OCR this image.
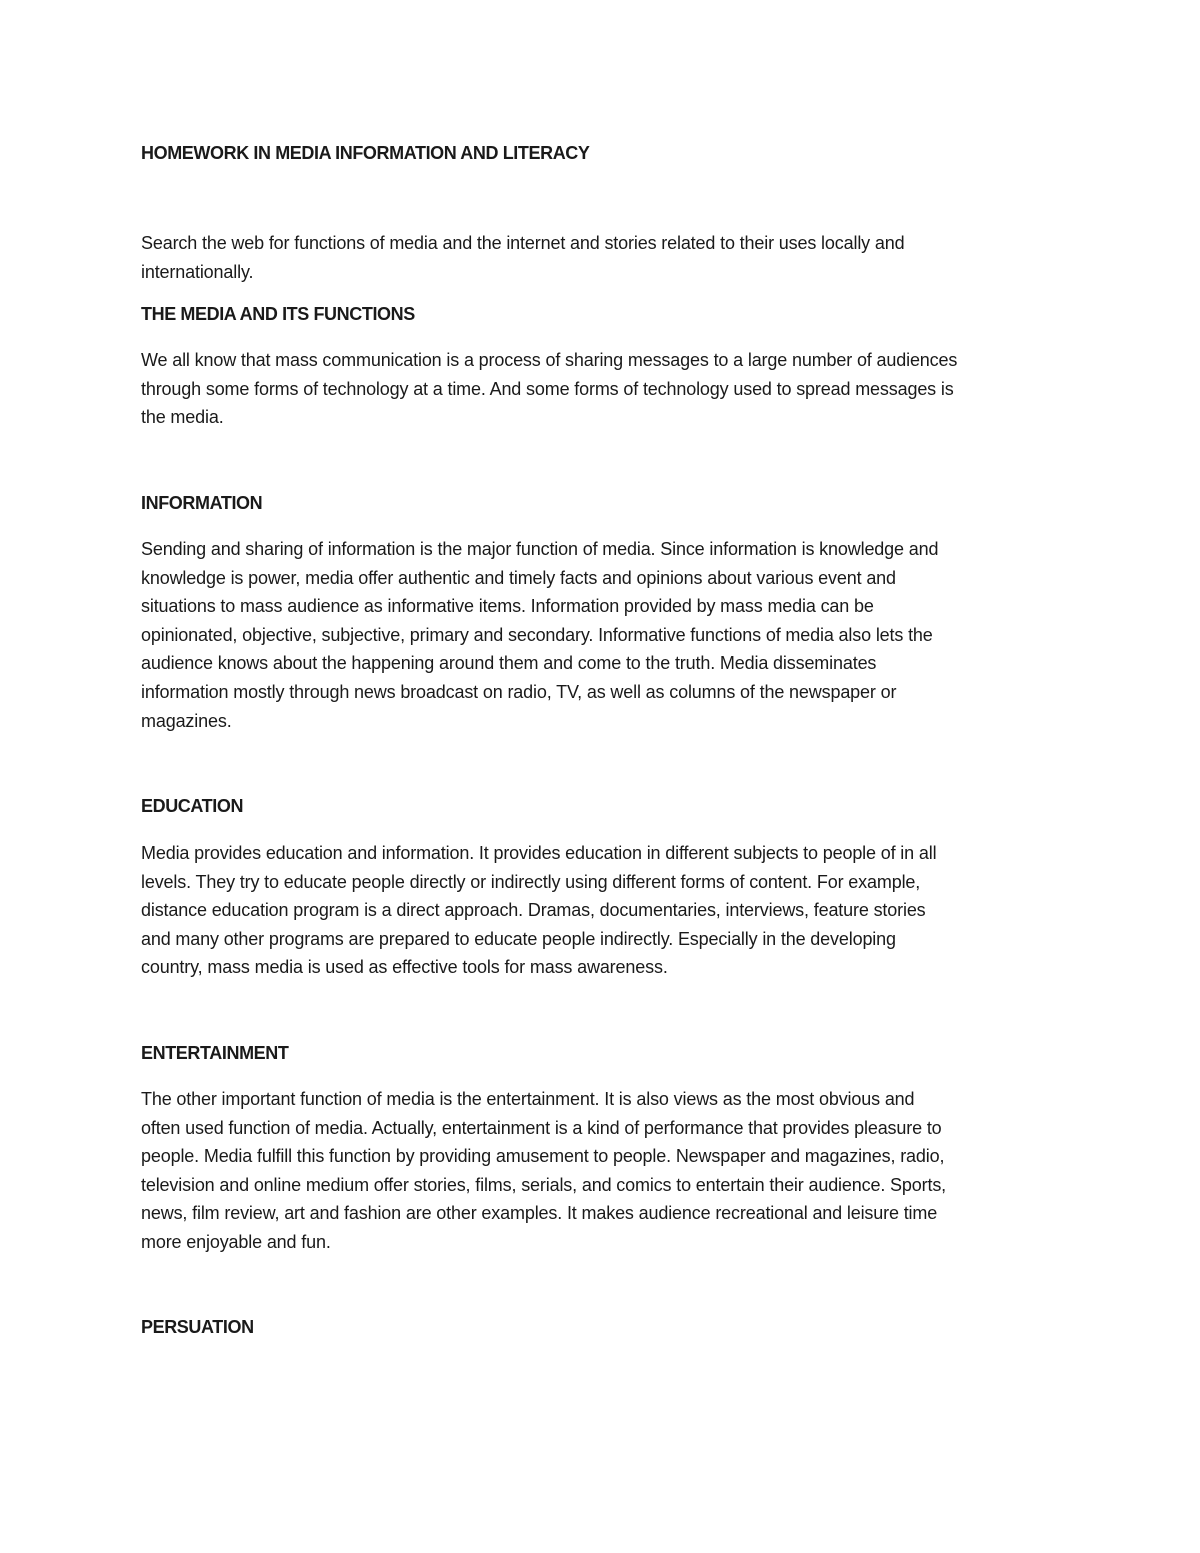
HOMEWORK IN MEDIA INFORMATION AND LITERACY

Search the web for functions of media and the internet and stories related to their uses locally and
internationally.

THE MEDIA AND ITS FUNCTIONS

We all know that mass communication is a process of sharing messages to a large number of audiences
through some forms of technology at a time. And some forms of technology used to spread messages is
the media.

INFORMATION

Sending and sharing of information is the major function of media. Since information is knowledge and
knowledge is power, media offer authentic and timely facts and opinions about various event and
situations to mass audience as informative items. Information provided by mass media can be
opinionated, objective, subjective, primary and secondary. Informative functions of media also lets the
audience knows about the happening around them and come to the truth. Media disseminates
information mostly through news broadcast on radio, TV, as well as columns of the newspaper or
magazines.

EDUCATION

Media provides education and information. It provides education in different subjects to people of in all
levels. They try to educate people directly or indirectly using different forms of content. For example,
distance education program is a direct approach. Dramas, documentaries, interviews, feature stories
and many other programs are prepared to educate people indirectly. Especially in the developing
country, mass media is used as effective tools for mass awareness.

ENTERTAINMENT

The other important function of media is the entertainment. It is also views as the most obvious and
often used function of media. Actually, entertainment is a kind of performance that provides pleasure to
people. Media fulfill this function by providing amusement to people. Newspaper and magazines, radio,
television and online medium offer stories, films, serials, and comics to entertain their audience. Sports,
news, film review, art and fashion are other examples. It makes audience recreational and leisure time
more enjoyable and fun.

PERSUATION
